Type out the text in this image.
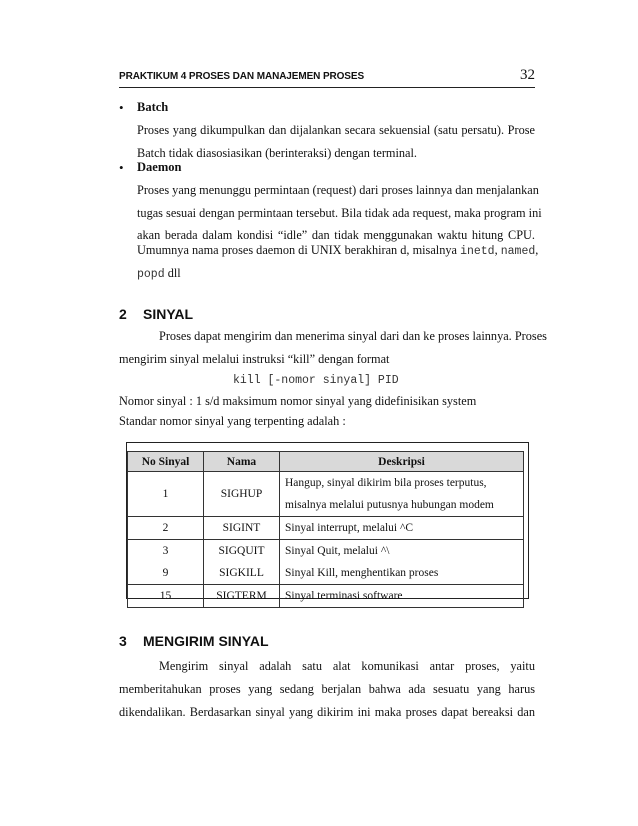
PRAKTIKUM 4 PROSES DAN MANAJEMEN PROSES	32
• Batch
Proses yang dikumpulkan dan dijalankan secara sekuensial (satu persatu). Prose
Batch tidak diasosiasikan (berinteraksi) dengan terminal.
• Daemon
Proses yang menunggu permintaan (request) dari proses lainnya dan menjalankan
tugas sesuai dengan permintaan tersebut. Bila tidak ada request, maka program ini
akan berada dalam kondisi “idle” dan tidak menggunakan waktu hitung CPU.
Umumnya nama proses daemon di UNIX berakhiran d, misalnya inetd, named,
popd dll
2 SINYAL
Proses dapat mengirim dan menerima sinyal dari dan ke proses lainnya. Proses
mengirim sinyal melalui instruksi “kill” dengan format
kill [-nomor sinyal] PID
Nomor sinyal : 1 s/d maksimum nomor sinyal yang didefinisikan system
Standar nomor sinyal yang terpenting adalah :
No Sinyal	Nama	Deskripsi
1	SIGHUP	Hangup, sinyal dikirim bila proses terputus,
misalnya melalui putusnya hubungan modem

2	SIGINT	Sinyal interrupt, melalui ^C
3	SIGQUIT	Sinyal Quit, melalui ^\
9	SIGKILL	Sinyal Kill, menghentikan proses
15	SIGTERM	Sinyal terminasi software
3 MENGIRIM SINYAL
Mengirim sinyal adalah satu alat komunikasi antar proses, yaitu
memberitahukan proses yang sedang berjalan bahwa ada sesuatu yang harus
dikendalikan. Berdasarkan sinyal yang dikirim ini maka proses dapat bereaksi dan
